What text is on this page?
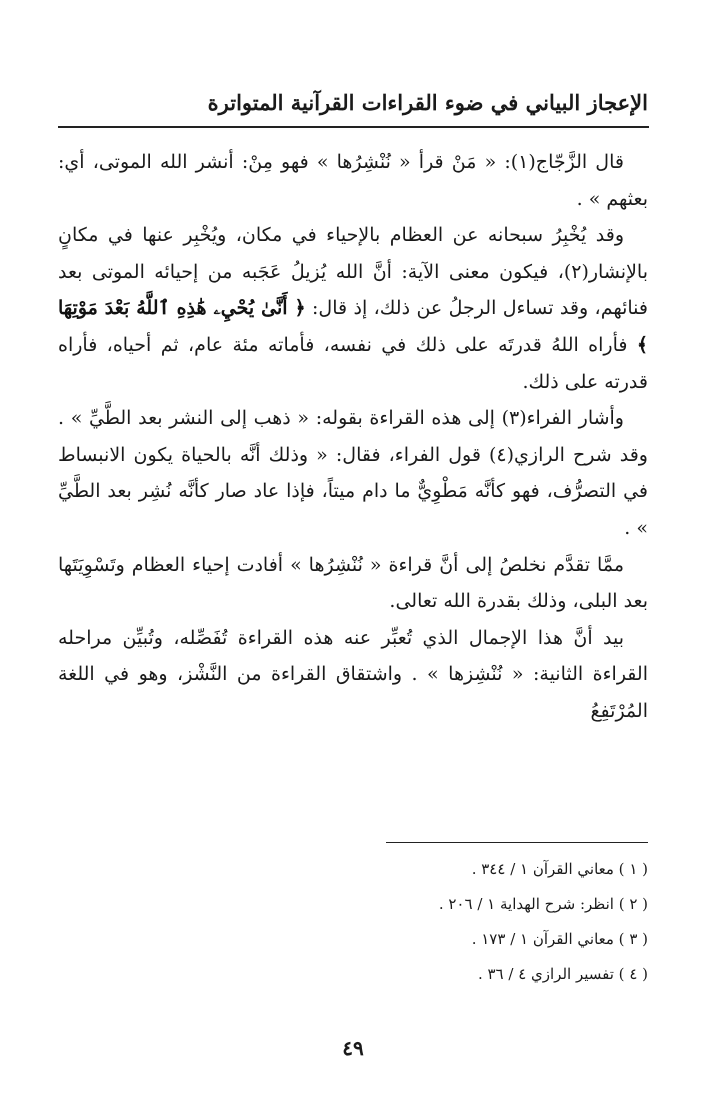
الإعجاز البياني في ضوء القراءات القرآنية المتواترة

قال الزَّجّاج(١): « مَنْ قرأ « نُنْشِرُها » فهو مِنْ: أنشر الله الموتى، أي: بعثهم » .

وقد يُخْبِرُ سبحانه عن العظام بالإحياء في مكان، ويُخْبِر عنها في مكانٍ بالإنشار(٢)، فيكون معنى الآية: أنَّ الله يُزيلُ عَجَبه من إحيائه الموتى بعد فنائهم، وقد تساءل الرجلُ عن ذلك، إذ قال: ﴿ أَنَّىٰ يُحْيِۦ هَٰذِهِ ٱللَّهُ بَعْدَ مَوْتِهَا ﴾ فأراه اللهُ قدرتَه على ذلك في نفسه، فأماته مئة عام، ثم أحياه، فأراه قدرته على ذلك.

وأشار الفراء(٣) إلى هذه القراءة بقوله: « ذهب إلى النشر بعد الطَّيِّ » . وقد شرح الرازي(٤) قول الفراء، فقال: « وذلك أنَّه بالحياة يكون الانبساط في التصرُّف، فهو كأنَّه مَطْوِيٌّ ما دام ميتاً، فإذا عاد صار كأنَّه نُشِر بعد الطَّيِّ » .

ممَّا تقدَّم نخلصُ إلى أنَّ قراءة « نُنْشِرُها » أفادت إحياء العظام وتَسْوِيَتَها بعد البلى، وذلك بقدرة الله تعالى.

بيد أنَّ هذا الإجمال الذي تُعبِّر عنه هذه القراءة تُفَصِّله، وتُبيِّن مراحله القراءة الثانية: « نُنْشِزها » . واشتقاق القراءة من النَّشْز، وهو في اللغة المُرْتَفِعُ

( ١ ) معاني القرآن ١ / ٣٤٤ .
( ٢ ) انظر: شرح الهداية ١ / ٢٠٦ .
( ٣ ) معاني القرآن ١ / ١٧٣ .
( ٤ ) تفسير الرازي ٤ / ٣٦ .
٤٩
